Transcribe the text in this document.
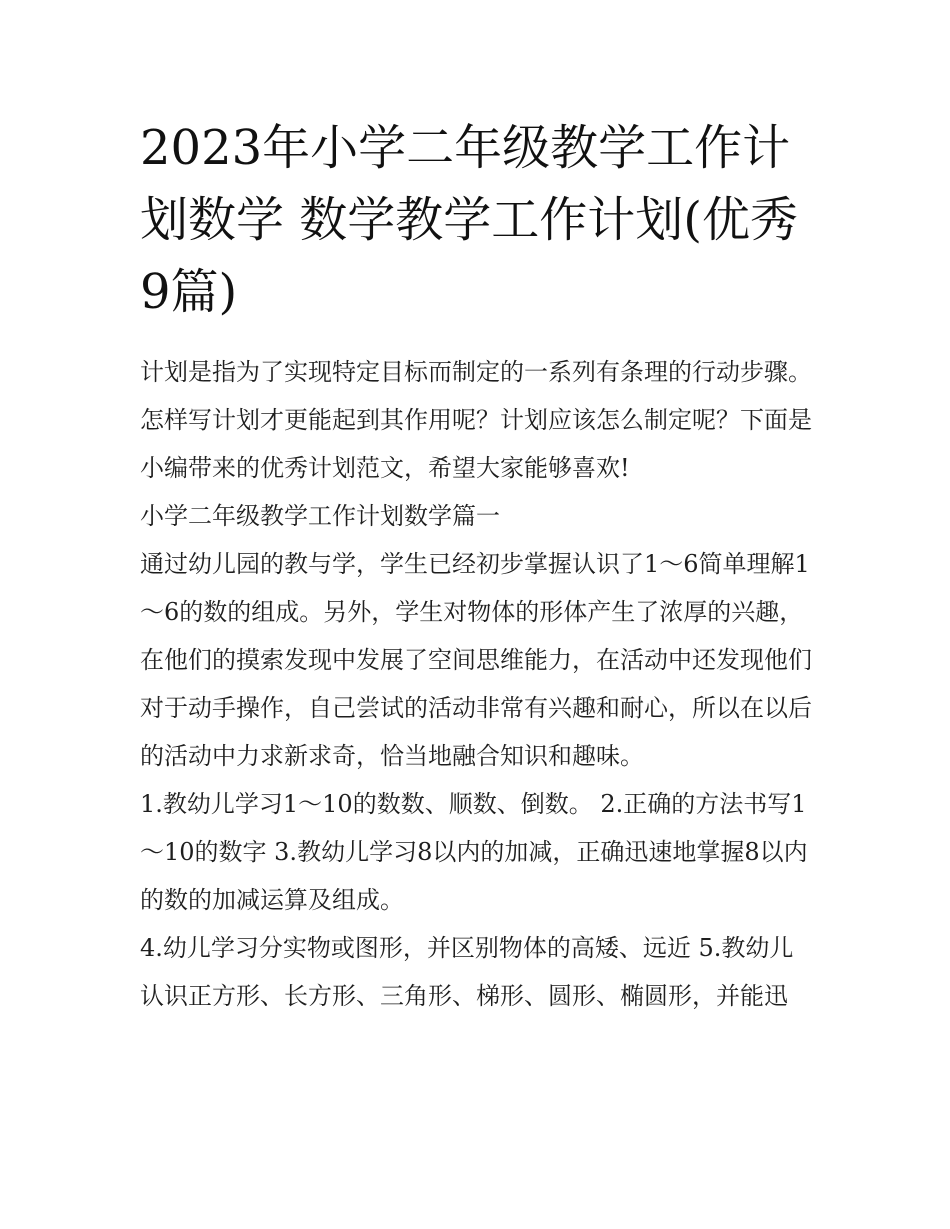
2023年小学二年级教学工作计划数学 数学教学工作计划(优秀9篇)

计划是指为了实现特定目标而制定的一系列有条理的行动步骤。怎样写计划才更能起到其作用呢？计划应该怎么制定呢？下面是小编带来的优秀计划范文，希望大家能够喜欢!

小学二年级教学工作计划数学篇一

通过幼儿园的教与学，学生已经初步掌握认识了1～6简单理解1～6的数的组成。另外，学生对物体的形体产生了浓厚的兴趣，在他们的摸索发现中发展了空间思维能力，在活动中还发现他们对于动手操作，自己尝试的活动非常有兴趣和耐心，所以在以后的活动中力求新求奇，恰当地融合知识和趣味。

1.教幼儿学习1～10的数数、顺数、倒数。 2.正确的方法书写1～10的数字 3.教幼儿学习8以内的加减，正确迅速地掌握8以内的数的加减运算及组成。

4.幼儿学习分实物或图形，并区别物体的高矮、远近 5.教幼儿认识正方形、长方形、三角形、梯形、圆形、椭圆形，并能迅
